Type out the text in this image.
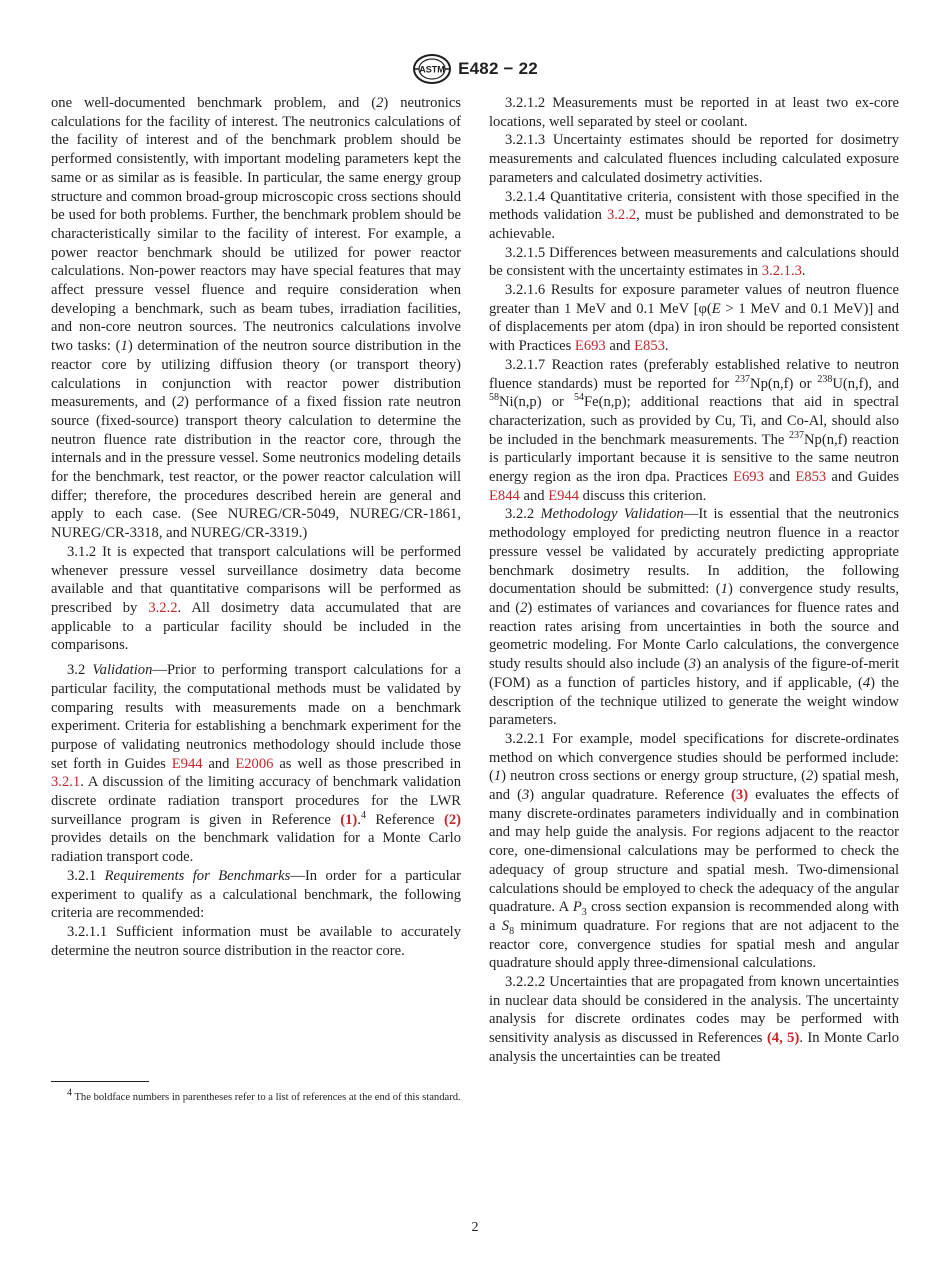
ASTM E482 − 22

one well-documented benchmark problem, and (2) neutronics calculations for the facility of interest. The neutronics calculations of the facility of interest and of the benchmark problem should be performed consistently, with important modeling parameters kept the same or as similar as is feasible. In particular, the same energy group structure and common broad-group microscopic cross sections should be used for both problems. Further, the benchmark problem should be characteristically similar to the facility of interest. For example, a power reactor benchmark should be utilized for power reactor calculations. Non-power reactors may have special features that may affect pressure vessel fluence and require consideration when developing a benchmark, such as beam tubes, irradiation facilities, and non-core neutron sources. The neutronics calculations involve two tasks: (1) determination of the neutron source distribution in the reactor core by utilizing diffusion theory (or transport theory) calculations in conjunction with reactor power distribution measurements, and (2) performance of a fixed fission rate neutron source (fixed-source) transport theory calculation to determine the neutron fluence rate distribution in the reactor core, through the internals and in the pressure vessel. Some neutronics modeling details for the benchmark, test reactor, or the power reactor calculation will differ; therefore, the procedures described herein are general and apply to each case. (See NUREG/CR-5049, NUREG/CR-1861, NUREG/CR-3318, and NUREG/CR-3319.)

3.1.2 It is expected that transport calculations will be performed whenever pressure vessel surveillance dosimetry data become available and that quantitative comparisons will be performed as prescribed by 3.2.2. All dosimetry data accumulated that are applicable to a particular facility should be included in the comparisons.

3.2 Validation—Prior to performing transport calculations for a particular facility, the computational methods must be validated by comparing results with measurements made on a benchmark experiment. Criteria for establishing a benchmark experiment for the purpose of validating neutronics methodology should include those set forth in Guides E944 and E2006 as well as those prescribed in 3.2.1. A discussion of the limiting accuracy of benchmark validation discrete ordinate radiation transport procedures for the LWR surveillance program is given in Reference (1).$^4$ Reference (2) provides details on the benchmark validation for a Monte Carlo radiation transport code.

3.2.1 Requirements for Benchmarks—In order for a particular experiment to qualify as a calculational benchmark, the following criteria are recommended:

3.2.1.1 Sufficient information must be available to accurately determine the neutron source distribution in the reactor core.

3.2.1.2 Measurements must be reported in at least two ex-core locations, well separated by steel or coolant.

3.2.1.3 Uncertainty estimates should be reported for dosimetry measurements and calculated fluences including calculated exposure parameters and calculated dosimetry activities.

3.2.1.4 Quantitative criteria, consistent with those specified in the methods validation 3.2.2, must be published and demonstrated to be achievable.

3.2.1.5 Differences between measurements and calculations should be consistent with the uncertainty estimates in 3.2.1.3.

3.2.1.6 Results for exposure parameter values of neutron fluence greater than 1 MeV and 0.1 MeV [φ(E > 1 MeV and 0.1 MeV)] and of displacements per atom (dpa) in iron should be reported consistent with Practices E693 and E853.

3.2.1.7 Reaction rates (preferably established relative to neutron fluence standards) must be reported for $^{237}$Np(n,f) or $^{238}$U(n,f), and $^{58}$Ni(n,p) or $^{54}$Fe(n,p); additional reactions that aid in spectral characterization, such as provided by Cu, Ti, and Co-Al, should also be included in the benchmark measurements. The $^{237}$Np(n,f) reaction is particularly important because it is sensitive to the same neutron energy region as the iron dpa. Practices E693 and E853 and Guides E844 and E944 discuss this criterion.

3.2.2 Methodology Validation—It is essential that the neutronics methodology employed for predicting neutron fluence in a reactor pressure vessel be validated by accurately predicting appropriate benchmark dosimetry results. In addition, the following documentation should be submitted: (1) convergence study results, and (2) estimates of variances and covariances for fluence rates and reaction rates arising from uncertainties in both the source and geometric modeling. For Monte Carlo calculations, the convergence study results should also include (3) an analysis of the figure-of-merit (FOM) as a function of particles history, and if applicable, (4) the description of the technique utilized to generate the weight window parameters.

3.2.2.1 For example, model specifications for discrete-ordinates method on which convergence studies should be performed include: (1) neutron cross sections or energy group structure, (2) spatial mesh, and (3) angular quadrature. Reference (3) evaluates the effects of many discrete-ordinates parameters individually and in combination and may help guide the analysis. For regions adjacent to the reactor core, one-dimensional calculations may be performed to check the adequacy of group structure and spatial mesh. Two-dimensional calculations should be employed to check the adequacy of the angular quadrature. A $P_3$ cross section expansion is recommended along with a $S_8$ minimum quadrature. For regions that are not adjacent to the reactor core, convergence studies for spatial mesh and angular quadrature should apply three-dimensional calculations.

3.2.2.2 Uncertainties that are propagated from known uncertainties in nuclear data should be considered in the analysis. The uncertainty analysis for discrete ordinates codes may be performed with sensitivity analysis as discussed in References (4, 5). In Monte Carlo analysis the uncertainties can be treated

$^4$ The boldface numbers in parentheses refer to a list of references at the end of this standard.

2
